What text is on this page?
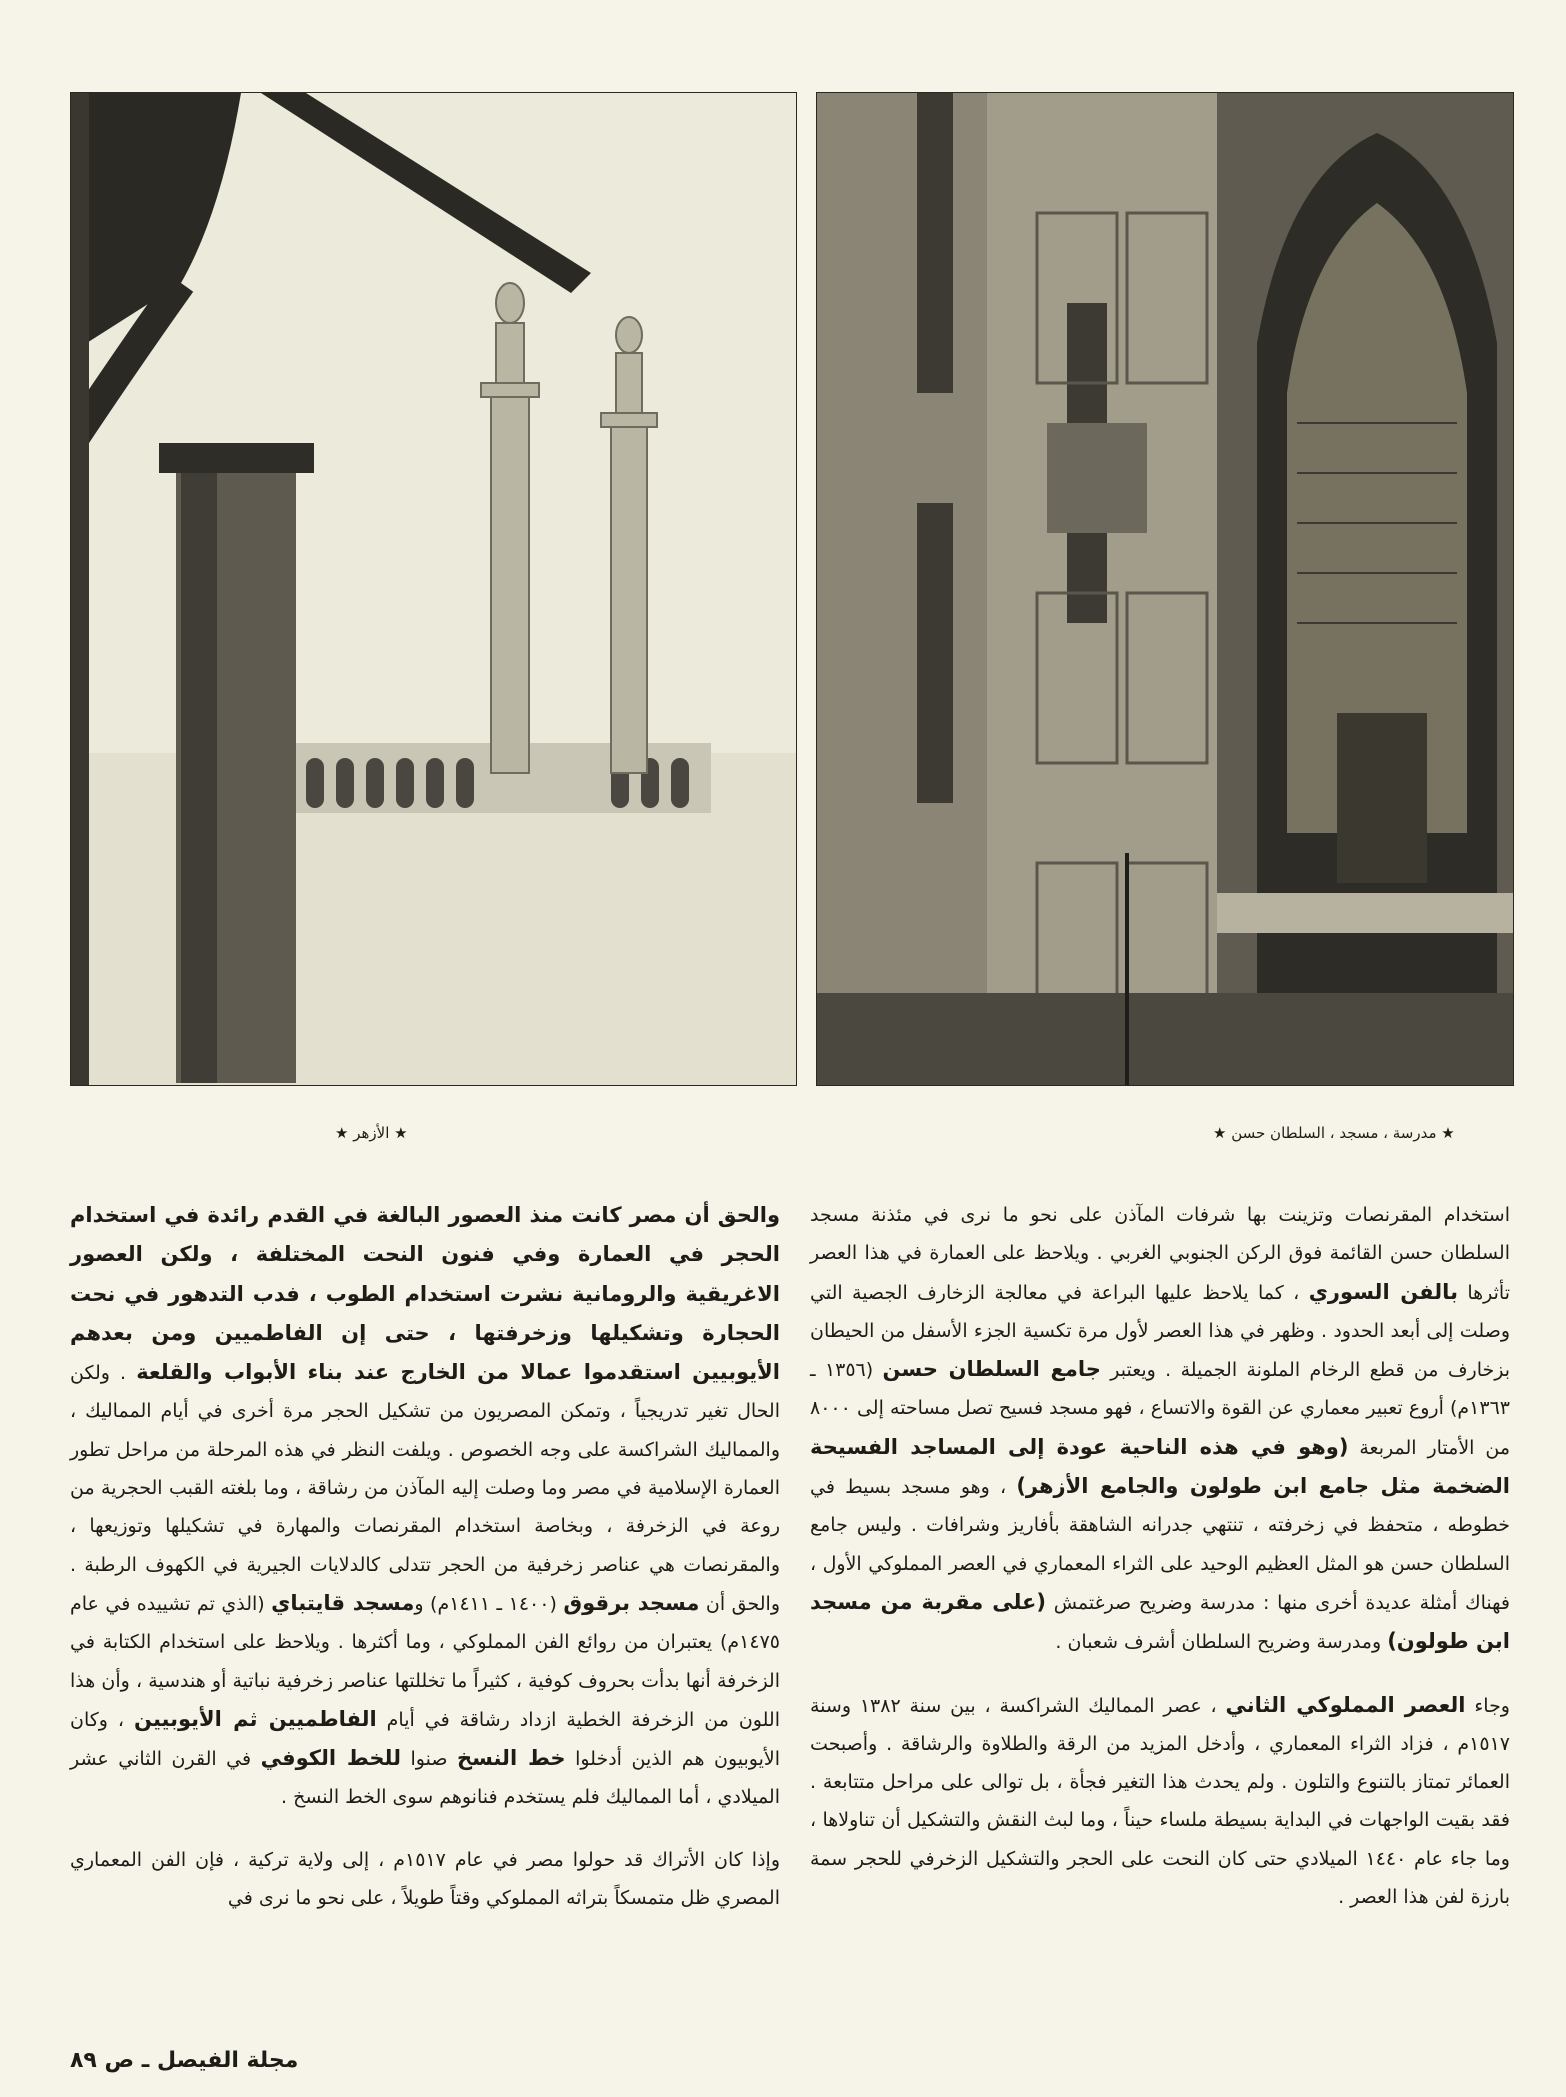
★ الأزهر ★	★ مدرسة ، مسجد ، السلطان حسن ★

استخدام المقرنصات وتزينت بها شرفات المآذن على نحو ما نرى في مئذنة مسجد السلطان حسن القائمة فوق الركن الجنوبي الغربي . ويلاحظ على العمارة في هذا العصر تأثرها بالفن السوري ، كما يلاحظ عليها البراعة في معالجة الزخارف الجصية التي وصلت إلى أبعد الحدود . وظهر في هذا العصر لأول مرة تكسية الجزء الأسفل من الحيطان بزخارف من قطع الرخام الملونة الجميلة . ويعتبر جامع السلطان حسن (١٣٥٦ ـ ١٣٦٣م) أروع تعبير معماري عن القوة والاتساع ، فهو مسجد فسيح تصل مساحته إلى ٨٠٠٠ من الأمتار المربعة (وهو في هذه الناحية عودة إلى المساجد الفسيحة الضخمة مثل جامع ابن طولون والجامع الأزهر) ، وهو مسجد بسيط في خطوطه ، متحفظ في زخرفته ، تنتهي جدرانه الشاهقة بأفاريز وشرافات . وليس جامع السلطان حسن هو المثل العظيم الوحيد على الثراء المعماري في العصر المملوكي الأول ، فهناك أمثلة عديدة أخرى منها : مدرسة وضريح صرغتمش (على مقربة من مسجد ابن طولون) ومدرسة وضريح السلطان أشرف شعبان .

وجاء العصر المملوكي الثاني ، عصر المماليك الشراكسة ، بين سنة ١٣٨٢ وسنة ١٥١٧م ، فزاد الثراء المعماري ، وأدخل المزيد من الرقة والطلاوة والرشاقة . وأصبحت العمائر تمتاز بالتنوع والتلون . ولم يحدث هذا التغير فجأة ، بل توالى على مراحل متتابعة . فقد بقيت الواجهات في البداية بسيطة ملساء حيناً ، وما لبث النقش والتشكيل أن تناولاها ، وما جاء عام ١٤٤٠ الميلادي حتى كان النحت على الحجر والتشكيل الزخرفي للحجر سمة بارزة لفن هذا العصر .

والحق أن مصر كانت منذ العصور البالغة في القدم رائدة في استخدام الحجر في العمارة وفي فنون النحت المختلفة ، ولكن العصور الاغريقية والرومانية نشرت استخدام الطوب ، فدب التدهور في نحت الحجارة وتشكيلها وزخرفتها ، حتى إن الفاطميين ومن بعدهم الأيوبيين استقدموا عمالا من الخارج عند بناء الأبواب والقلعة . ولكن الحال تغير تدريجياً ، وتمكن المصريون من تشكيل الحجر مرة أخرى في أيام المماليك ، والمماليك الشراكسة على وجه الخصوص . ويلفت النظر في هذه المرحلة من مراحل تطور العمارة الإسلامية في مصر وما وصلت إليه المآذن من رشاقة ، وما بلغته القبب الحجرية من روعة في الزخرفة ، وبخاصة استخدام المقرنصات والمهارة في تشكيلها وتوزيعها ، والمقرنصات هي عناصر زخرفية من الحجر تتدلى كالدلايات الجيرية في الكهوف الرطبة . والحق أن مسجد برقوق (١٤٠٠ ـ ١٤١١م) ومسجد قايتباي (الذي تم تشييده في عام ١٤٧٥م) يعتبران من روائع الفن المملوكي ، وما أكثرها . ويلاحظ على استخدام الكتابة في الزخرفة أنها بدأت بحروف كوفية ، كثيراً ما تخللتها عناصر زخرفية نباتية أو هندسية ، وأن هذا اللون من الزخرفة الخطية ازداد رشاقة في أيام الفاطميين ثم الأيوبيين ، وكان الأيوبيون هم الذين أدخلوا خط النسخ صنوا للخط الكوفي في القرن الثاني عشر الميلادي ، أما المماليك فلم يستخدم فنانوهم سوى الخط النسخ .

وإذا كان الأتراك قد حولوا مصر في عام ١٥١٧م ، إلى ولاية تركية ، فإن الفن المعماري المصري ظل متمسكاً بتراثه المملوكي وقتاً طويلاً ، على نحو ما نرى في

مجلة الفيصل ـ ص ٨٩
